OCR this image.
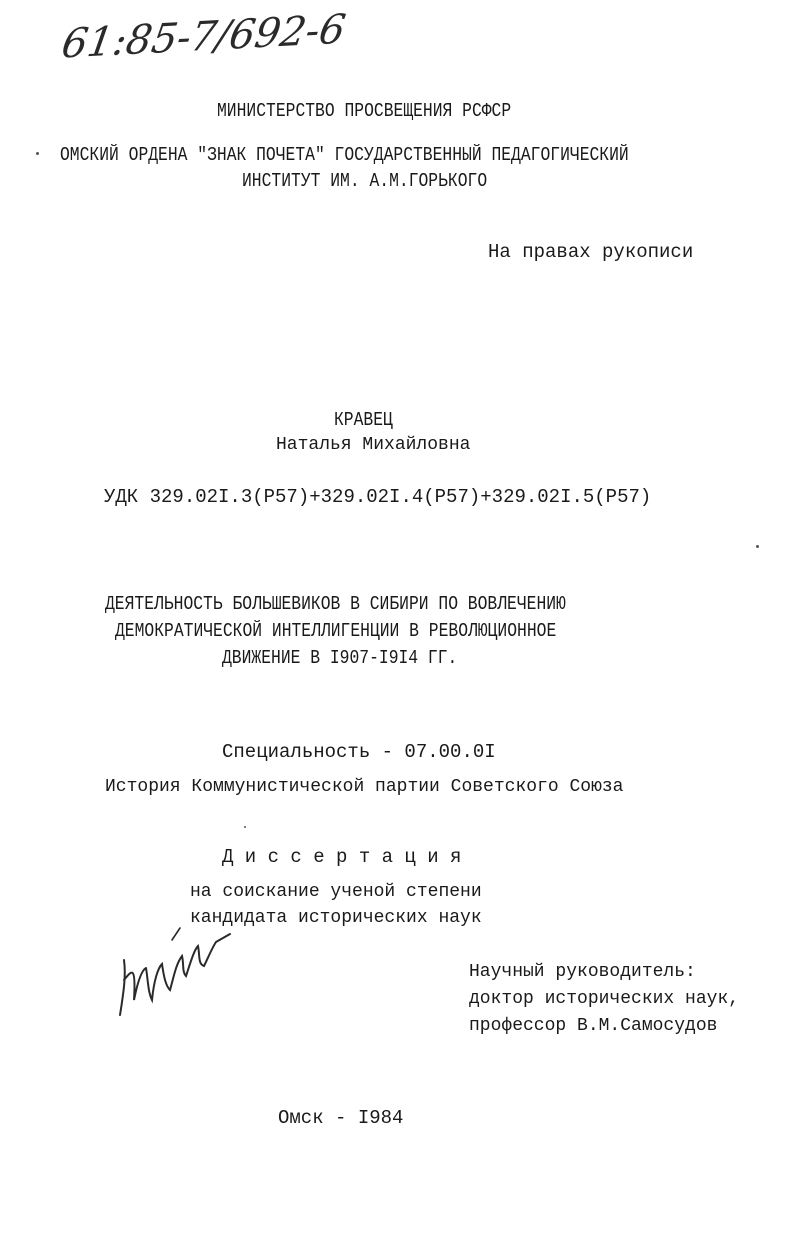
61:85-7/692-6
МИНИСТЕРСТВО ПРОСВЕЩЕНИЯ РСФСР
ОМСКИЙ ОРДЕНА "ЗНАК ПОЧЕТА" ГОСУДАРСТВЕННЫЙ ПЕДАГОГИЧЕСКИЙ
ИНСТИТУТ ИМ. А.М.ГОРЬКОГО
На правах рукописи
КРАВЕЦ
Наталья Михайловна
УДК 329.02I.3(Р57)+329.02I.4(Р57)+329.02I.5(Р57)
ДЕЯТЕЛЬНОСТЬ БОЛЬШЕВИКОВ В СИБИРИ ПО ВОВЛЕЧЕНИЮ
ДЕМОКРАТИЧЕСКОЙ ИНТЕЛЛИГЕНЦИИ В РЕВОЛЮЦИОННОЕ
ДВИЖЕНИЕ В I907-I9I4 ГГ.
Специальность - 07.00.0I
История Коммунистической партии Советского Союза
Д и с с е р т а ц и я
на соискание ученой степени
кандидата исторических наук
Научный руководитель:
доктор исторических наук,
профессор В.М.Самосудов
Омск - I984
